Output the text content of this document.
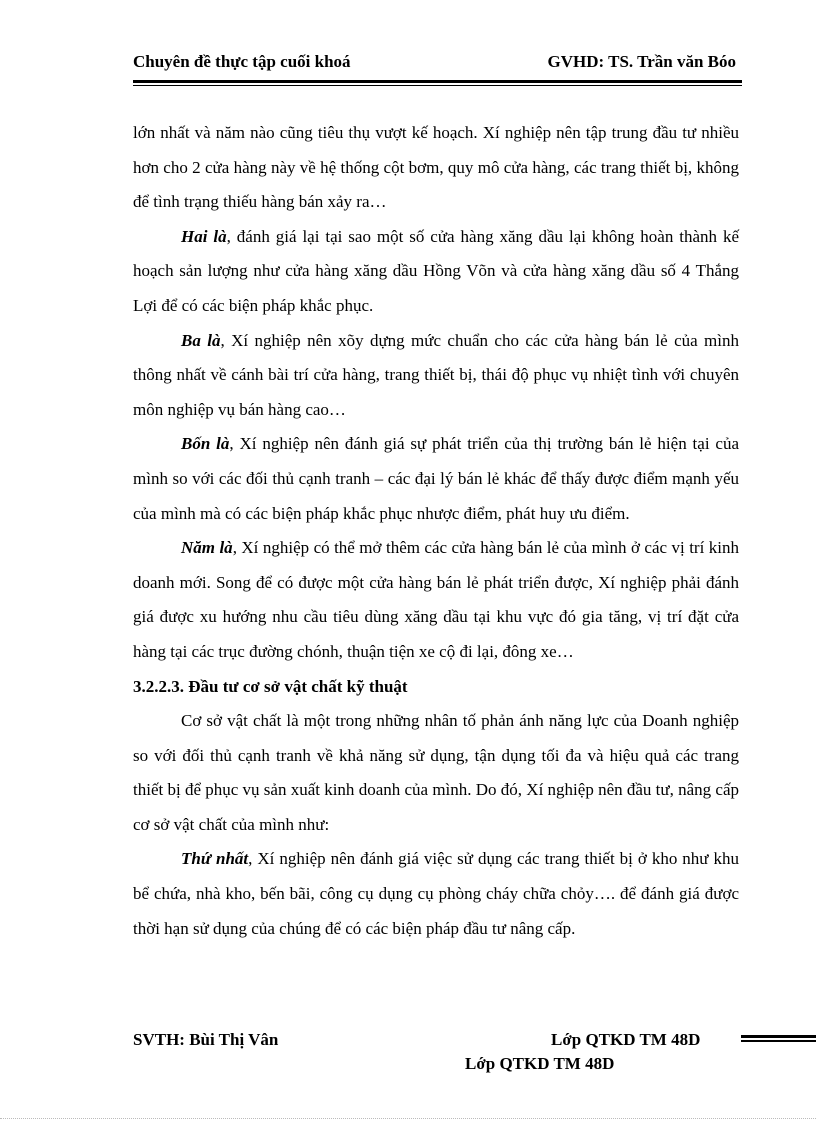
Chuyên đề thực tập cuối khoá	GVHD: TS. Trần văn Bóo

lớn nhất và năm nào cũng tiêu thụ vượt kế hoạch. Xí nghiệp nên tập trung đầu tư nhiều hơn cho 2 cửa hàng này về hệ thống cột bơm, quy mô cửa hàng, các trang thiết bị, không để tình trạng thiếu hàng bán xảy ra…

Hai là, đánh giá lại tại sao một số cửa hàng xăng dầu lại không hoàn thành kế hoạch sản lượng như cửa hàng xăng dầu Hồng Võn và cửa hàng xăng dầu số 4 Thắng Lợi để có các biện pháp khắc phục.

Ba là, Xí nghiệp nên xõy dựng mức chuẩn cho các cửa hàng bán lẻ của mình thông nhất về cánh bài trí cửa hàng, trang thiết bị, thái độ phục vụ nhiệt tình với chuyên môn nghiệp vụ bán hàng cao…

Bốn là, Xí nghiệp nên đánh giá sự phát triển của thị trường bán lẻ hiện tại của mình so với các đối thủ cạnh tranh – các đại lý bán lẻ khác để thấy được điểm mạnh yếu của mình mà có các biện pháp khắc phục nhược điểm, phát huy ưu điểm.

Năm là, Xí nghiệp có thể mở thêm các cửa hàng bán lẻ của mình ở các vị trí kinh doanh mới. Song để có được một cửa hàng bán lẻ phát triển được, Xí nghiệp phải đánh giá được xu hướng nhu cầu tiêu dùng xăng dầu tại khu vực đó gia tăng, vị trí đặt cửa hàng tại các trục đường chónh, thuận tiện xe cộ đi lại, đông xe…

3.2.2.3. Đầu tư cơ sở vật chất kỹ thuật

Cơ sở vật chất là một trong những nhân tố phản ánh năng lực của Doanh nghiệp so với đối thủ cạnh tranh về khả năng sử dụng, tận dụng tối đa và hiệu quả các trang thiết bị để phục vụ sản xuất kinh doanh của mình. Do đó, Xí nghiệp nên đầu tư, nâng cấp cơ sở vật chất của mình như:

Thứ nhất, Xí nghiệp nên đánh giá việc sử dụng các trang thiết bị ở kho như khu bể chứa, nhà kho, bến bãi, công cụ dụng cụ phòng cháy chữa chỏy…. để đánh giá được thời hạn sử dụng của chúng để có các biện pháp đầu tư nâng cấp.

SVTH: Bùi Thị Vân	Lớp QTKD TM 48D
Lớp QTKD TM 48D
